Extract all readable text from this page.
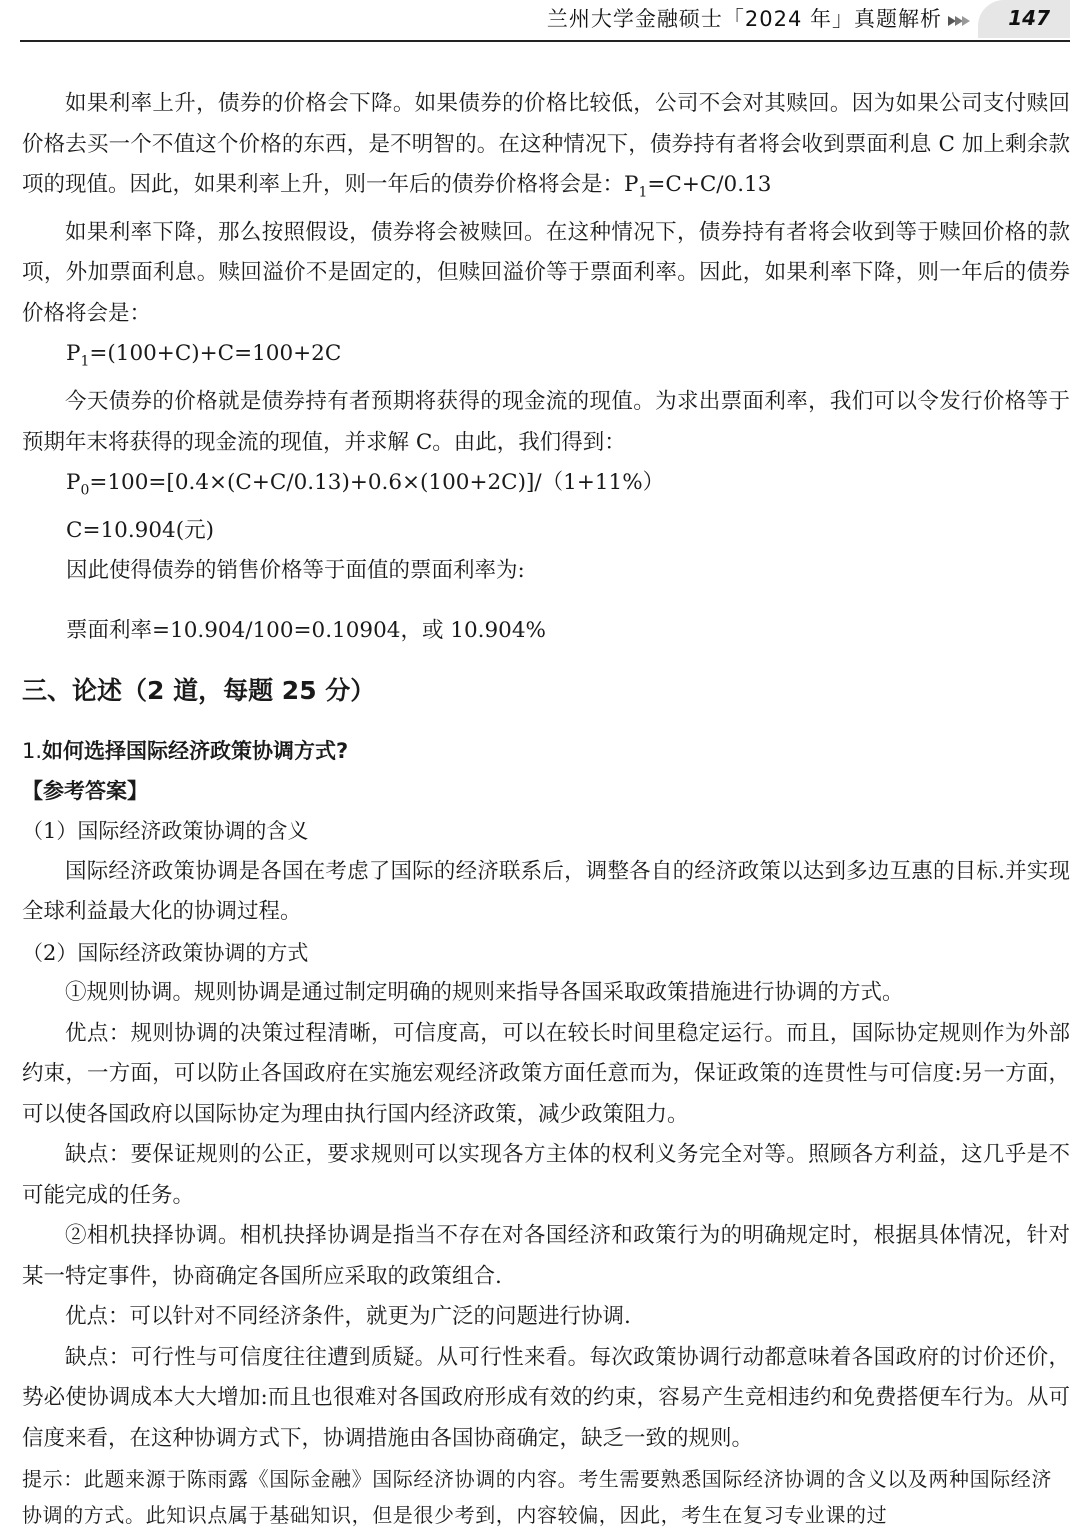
兰州大学金融硕士「2024 年」真题解析	147

如果利率上升，债券的价格会下降。如果债券的价格比较低，公司不会对其赎回。因为如果公司支付赎回价格去买一个不值这个价格的东西，是不明智的。在这种情况下，债券持有者将会收到票面利息 C 加上剩余款项的现值。因此，如果利率上升，则一年后的债券价格将会是：$P_1=C+C/0.13$

如果利率下降，那么按照假设，债券将会被赎回。在这种情况下，债券持有者将会收到等于赎回价格的款项，外加票面利息。赎回溢价不是固定的，但赎回溢价等于票面利率。因此，如果利率下降，则一年后的债券价格将会是：

$P_1=(100+C)+C=100+2C$

今天债券的价格就是债券持有者预期将获得的现金流的现值。为求出票面利率，我们可以令发行价格等于预期年末将获得的现金流的现值，并求解 C。由此，我们得到：

$P_0=100=[0.4\times(C+C/0.13)+0.6\times(100+2C)]/(1+11\%)$

C=10.904(元)

因此使得债券的销售价格等于面值的票面利率为:

票面利率=10.904/100=0.10904，或 10.904%

三、论述（2 道，每题 25 分）

1.如何选择国际经济政策协调方式?

【参考答案】

（1）国际经济政策协调的含义

国际经济政策协调是各国在考虑了国际的经济联系后，调整各自的经济政策以达到多边互惠的目标.并实现全球利益最大化的协调过程。

（2）国际经济政策协调的方式

①规则协调。规则协调是通过制定明确的规则来指导各国采取政策措施进行协调的方式。

优点：规则协调的决策过程清晰，可信度高，可以在较长时间里稳定运行。而且，国际协定规则作为外部约束，一方面，可以防止各国政府在实施宏观经济政策方面任意而为，保证政策的连贯性与可信度:另一方面，可以使各国政府以国际协定为理由执行国内经济政策，减少政策阻力。

缺点：要保证规则的公正，要求规则可以实现各方主体的权利义务完全对等。照顾各方利益，这几乎是不可能完成的任务。

②相机抉择协调。相机抉择协调是指当不存在对各国经济和政策行为的明确规定时，根据具体情况，针对某一特定事件，协商确定各国所应采取的政策组合.

优点：可以针对不同经济条件，就更为广泛的问题进行协调.

缺点：可行性与可信度往往遭到质疑。从可行性来看。每次政策协调行动都意味着各国政府的讨价还价，势必使协调成本大大增加:而且也很难对各国政府形成有效的约束，容易产生竞相违约和免费搭便车行为。从可信度来看，在这种协调方式下，协调措施由各国协商确定，缺乏一致的规则。

提示：此题来源于陈雨露《国际金融》国际经济协调的内容。考生需要熟悉国际经济协调的含义以及两种国际经济协调的方式。此知识点属于基础知识，但是很少考到，内容较偏，因此，考生在复习专业课的过
